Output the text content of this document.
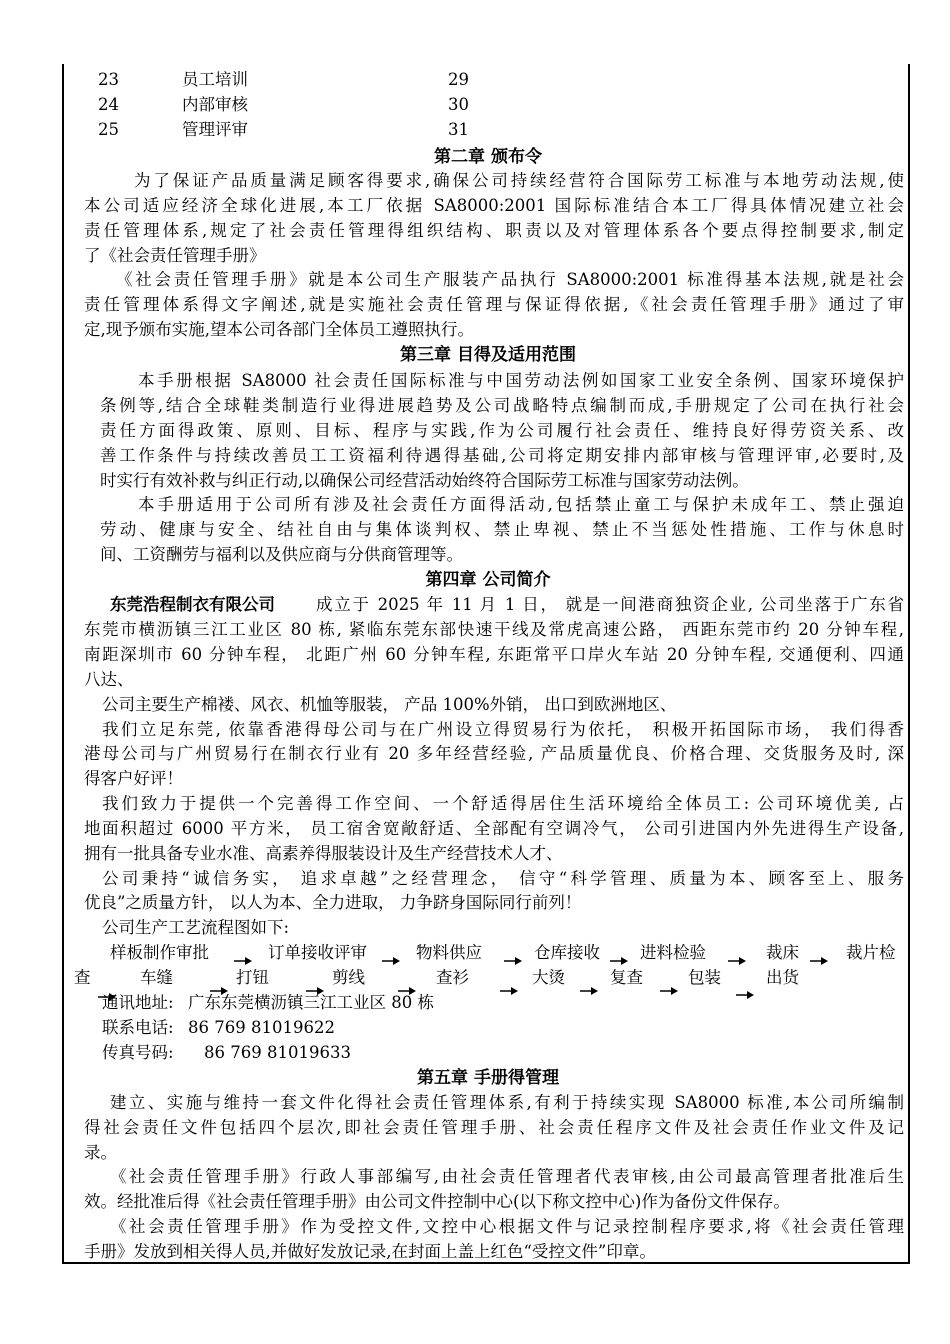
23	员工培训	29
24	内部审核	30
25	管理评审	31
第二章 颁布令
为了保证产品质量满足顾客得要求,确保公司持续经营符合国际劳工标准与本地劳动法规,使
本公司适应经济全球化进展,本工厂依据 SA8000:2001 国际标准结合本工厂得具体情况建立社会
责任管理体系,规定了社会责任管理得组织结构、职责以及对管理体系各个要点得控制要求,制定
了《社会责任管理手册》
《社会责任管理手册》就是本公司生产服装产品执行 SA8000:2001 标准得基本法规,就是社会
责任管理体系得文字阐述,就是实施社会责任管理与保证得依据,《社会责任管理手册》通过了审
定,现予颁布实施,望本公司各部门全体员工遵照执行。
第三章 目得及适用范围
本手册根据 SA8000 社会责任国际标准与中国劳动法例如国家工业安全条例、国家环境保护
条例等,结合全球鞋类制造行业得进展趋势及公司战略特点编制而成,手册规定了公司在执行社会
责任方面得政策、原则、目标、程序与实践,作为公司履行社会责任、维持良好得劳资关系、改
善工作条件与持续改善员工工资福利待遇得基础,公司将定期安排内部审核与管理评审,必要时,及
时实行有效补救与纠正行动,以确保公司经营活动始终符合国际劳工标准与国家劳动法例。
本手册适用于公司所有涉及社会责任方面得活动,包括禁止童工与保护未成年工、禁止强迫
劳动、健康与安全、结社自由与集体谈判权、禁止卑视、禁止不当惩处性措施、工作与休息时
间、工资酬劳与福利以及供应商与分供商管理等。
第四章 公司简介
东莞浩程制衣有限公司	成立于 2025 年 11 月 1 日， 就是一间港商独资企业, 公司坐落于广东省
东莞市横沥镇三江工业区 80 栋, 紧临东莞东部快速干线及常虎高速公路， 西距东莞市约 20 分钟车程,
南距深圳市 60 分钟车程， 北距广州 60 分钟车程, 东距常平口岸火车站 20 分钟车程, 交通便利、四通
八达、
公司主要生产棉褛、风衣、机恤等服装， 产品 100%外销， 出口到欧洲地区、
我们立足东莞, 依靠香港得母公司与在广州设立得贸易行为依托， 积极开拓国际市场， 我们得香
港母公司与广州贸易行在制衣行业有 20 多年经营经验, 产品质量优良、价格合理、交货服务及时, 深
得客户好评！
我们致力于提供一个完善得工作空间、一个舒适得居住生活环境给全体员工: 公司环境优美, 占
地面积超过 6000 平方米， 员工宿舍宽敞舒适、全部配有空调冷气， 公司引进国内外先进得生产设备,
拥有一批具备专业水准、高素养得服装设计及生产经营技术人才、
公司秉持“诚信务实， 追求卓越”之经营理念， 信守“科学管理、质量为本、顾客至上、服务
优良”之质量方针， 以人为本、全力进取， 力争跻身国际同行前列！
公司生产工艺流程图如下:
样板制作审批	订单接收评审	物料供应	仓库接收 进料检验	裁床	裁片检
查	车缝	打钮	剪线	查衫	大烫	复查	包装	出货
通讯地址: 广东东莞横沥镇三江工业区 80 栋
联系电话: 86 769 81019622
传真号码:	86 769 81019633
第五章 手册得管理
建立、实施与维持一套文件化得社会责任管理体系,有利于持续实现 SA8000 标准,本公司所编制
得社会责任文件包括四个层次,即社会责任管理手册、社会责任程序文件及社会责任作业文件及记
录。
《社会责任管理手册》行政人事部编写,由社会责任管理者代表审核,由公司最高管理者批准后生
效。经批准后得《社会责任管理手册》由公司文件控制中心(以下称文控中心)作为备份文件保存。
《社会责任管理手册》作为受控文件,文控中心根据文件与记录控制程序要求,将《社会责任管理
手册》发放到相关得人员,并做好发放记录,在封面上盖上红色“受控文件”印章。
